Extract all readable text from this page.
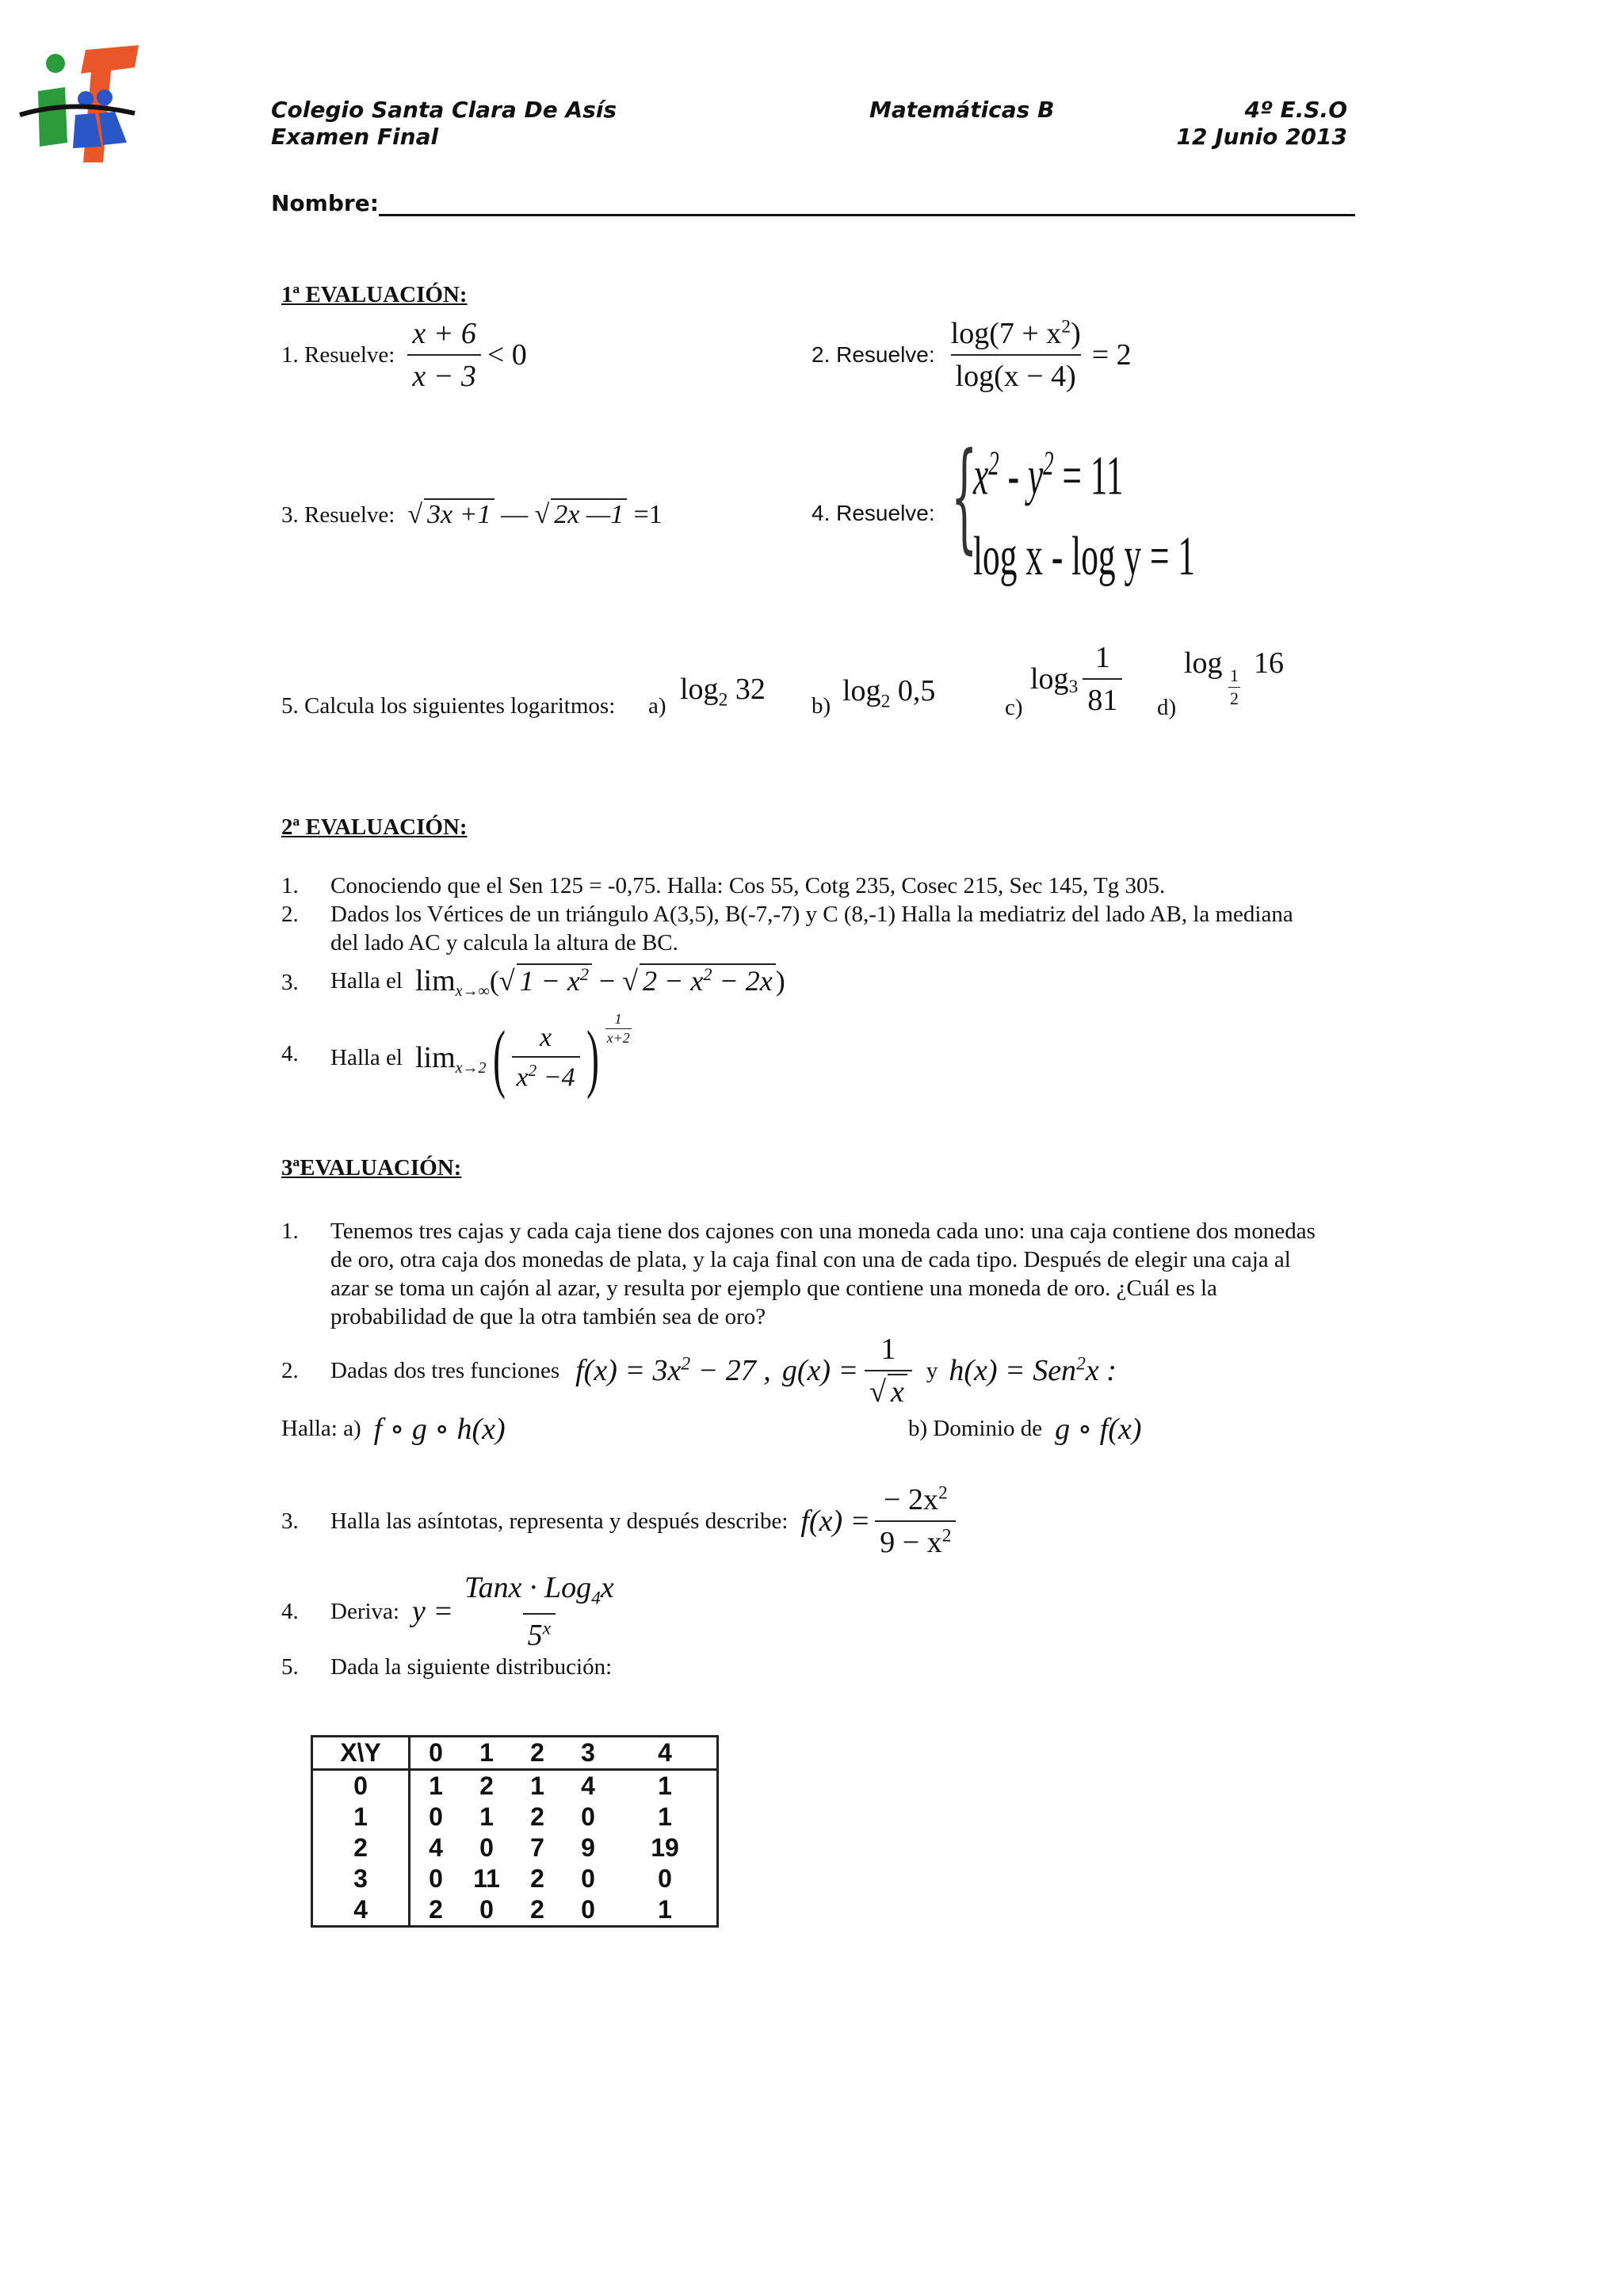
Colegio Santa Clara De Asís
Examen Final
Matemáticas B	4º E.S.O
12 Junio 2013
Nombre:
1ª EVALUACIÓN:
1. Resuelve: $\frac{x + 6}{x - 3} < 0$	2. Resuelve: $\frac{\log(7 + x^2)}{\log(x - 4)} = 2$
3. Resuelve: √ 3x +1 — √ 2x —1 =1	4. Resuelve: {
$x^2 - y^2 = 11$
log x - log y = 1
5. Calcula los siguientes logaritmos: a) $\log_2 32$ b) $\log_2 0,5$	c)
$\log_3 \frac{1}{81} d$)
log
$\frac{1}{2}$
16
2ª EVALUACIÓN:
1. Conociendo que el Sen 125 = -0,75. Halla: Cos 55, Cotg 235, Cosec 215, Sec 145, Tg 305.
2. Dados los Vértices de un triángulo A(3,5), B(-7,-7) y C (8,-1) Halla la mediatriz del lado AB, la mediana
del lado AC y calcula la altura de BC.
3. Halla el lim x→∞ (√ $1 - x^2$ − √ $2 - x^2 - 2x$ )
4. Halla el lim x→2 ( $\frac{x}{x^2 -4}$ ) $\frac{1}{x+2}$
3ªEVALUACIÓN:
1. Tenemos tres cajas y cada caja tiene dos cajones con una moneda cada uno: una caja contiene dos monedas
de oro, otra caja dos monedas de plata, y la caja final con una de cada tipo. Después de elegir una caja al
azar se toma un cajón al azar, y resulta por ejemplo que contiene una moneda de oro. ¿Cuál es la
probabilidad de que la otra también sea de oro?
2. Dadas dos tres funciones $f(x) = 3x^2 - 27$ , $g(x) = \frac{1}{√ x}$ y h(x) = Sen$^2$x :
Halla: a) f ∘ g ∘ h(x)	b) Dominio de g ∘ f(x)
3. Halla las asíntotas, representa y después describe: $f(x) = \frac{- 2x^2}{9 - x^2}$
4. Deriva: $y = \frac{Tanx \cdot Log_4x}{5^x}$
5. Dada la siguiente distribución:
X\Y	0	1	2	3	4
0	1	2	1	4	1
1	0	1	2	0	1
2	4	0	7	9	19
3	0	11	2	0	0
4	2	0	2	0	1
